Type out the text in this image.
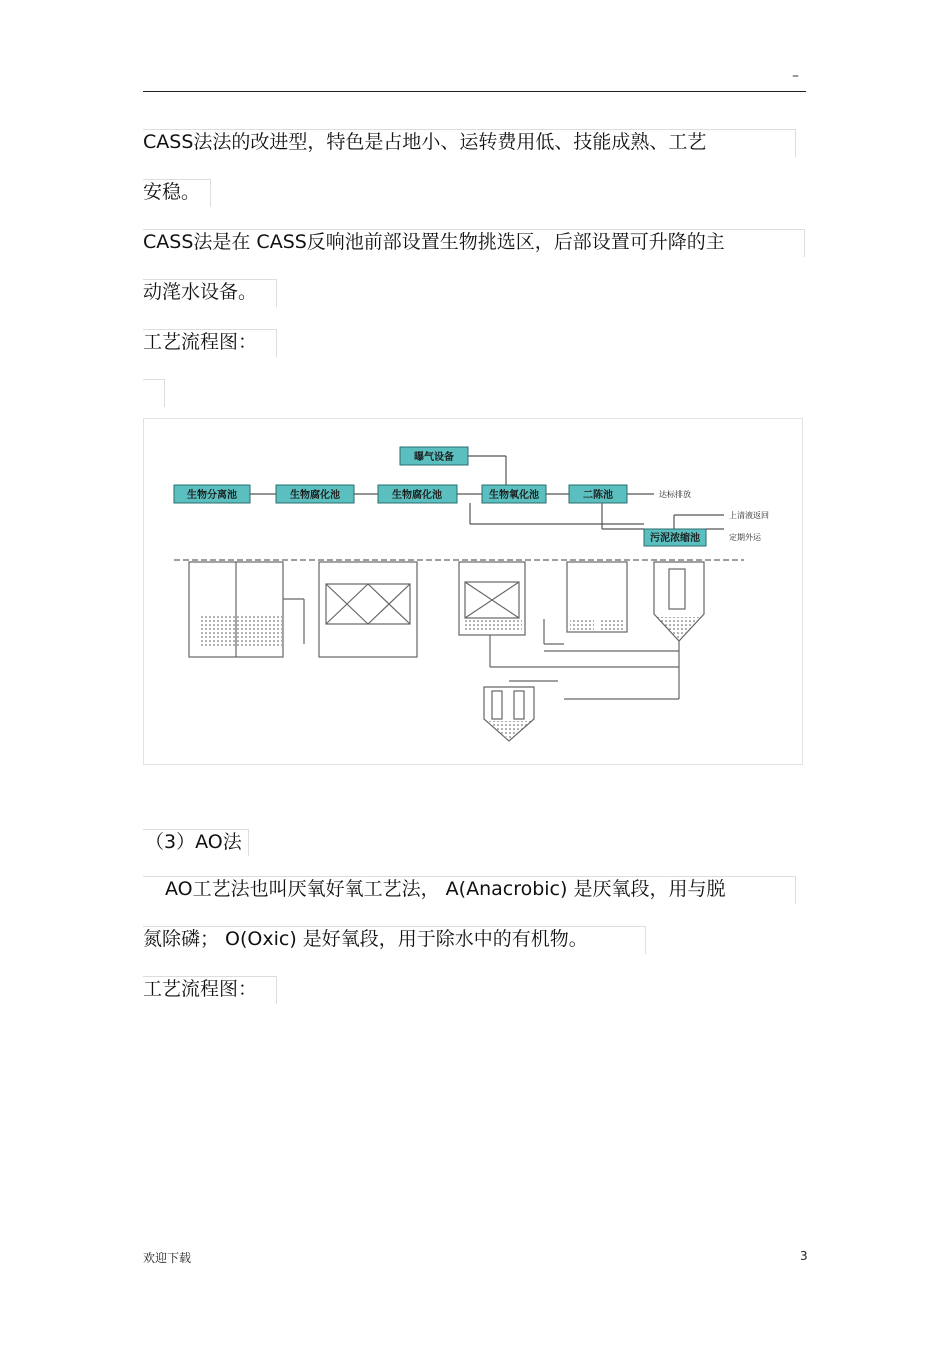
–
CASS法法的改进型，特色是占地小、运转费用低、技能成熟、工艺
安稳。
CASS法是在 CASS反响池前部设置生物挑选区，后部设置可升降的主
动滗水设备。
工艺流程图：
曝气设备
生物分离池	生物腐化池	生物腐化池	生物氧化池	二陈池
污泥浓缩池
达标排放
上清液返回
定期外运
（3）AO法
AO工艺法也叫厌氧好氧工艺法， A(Anacrobic) 是厌氧段，用与脱
氮除磷； O(Oxic) 是好氧段，用于除水中的有机物。
工艺流程图：
欢迎下载	3
